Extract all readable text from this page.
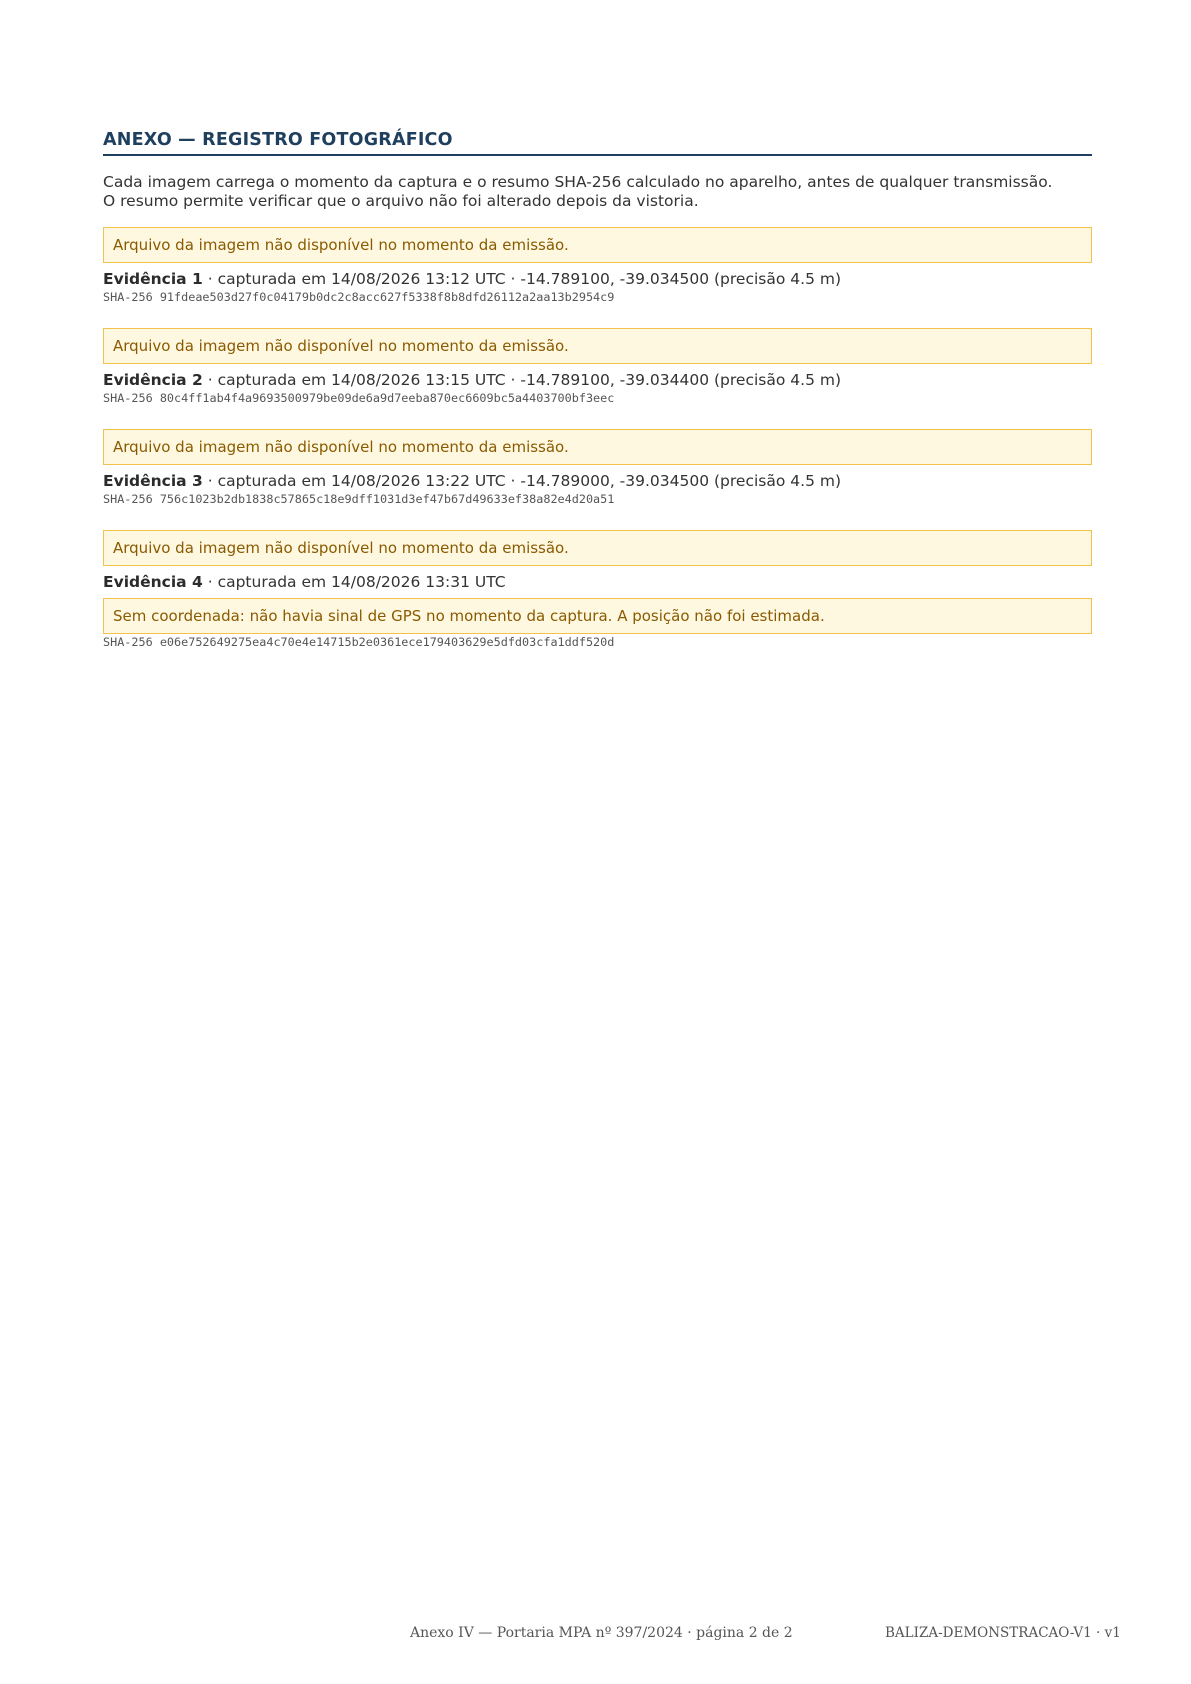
ANEXO — REGISTRO FOTOGRÁFICO
Cada imagem carrega o momento da captura e o resumo SHA-256 calculado no aparelho, antes de qualquer transmissão.
O resumo permite verificar que o arquivo não foi alterado depois da vistoria.
Arquivo da imagem não disponível no momento da emissão.
Evidência 1 · capturada em 14/08/2026 13:12 UTC · -14.789100, -39.034500 (precisão 4.5 m)
SHA-256 91fdeae503d27f0c04179b0dc2c8acc627f5338f8b8dfd26112a2aa13b2954c9
Arquivo da imagem não disponível no momento da emissão.
Evidência 2 · capturada em 14/08/2026 13:15 UTC · -14.789100, -39.034400 (precisão 4.5 m)
SHA-256 80c4ff1ab4f4a9693500979be09de6a9d7eeba870ec6609bc5a4403700bf3eec
Arquivo da imagem não disponível no momento da emissão.
Evidência 3 · capturada em 14/08/2026 13:22 UTC · -14.789000, -39.034500 (precisão 4.5 m)
SHA-256 756c1023b2db1838c57865c18e9dff1031d3ef47b67d49633ef38a82e4d20a51
Arquivo da imagem não disponível no momento da emissão.
Evidência 4 · capturada em 14/08/2026 13:31 UTC
Sem coordenada: não havia sinal de GPS no momento da captura. A posição não foi estimada.
SHA-256 e06e752649275ea4c70e4e14715b2e0361ece179403629e5dfd03cfa1ddf520d
Anexo IV — Portaria MPA nº 397/2024 · página 2 de 2	BALIZA-DEMONSTRACAO-V1 · v1
